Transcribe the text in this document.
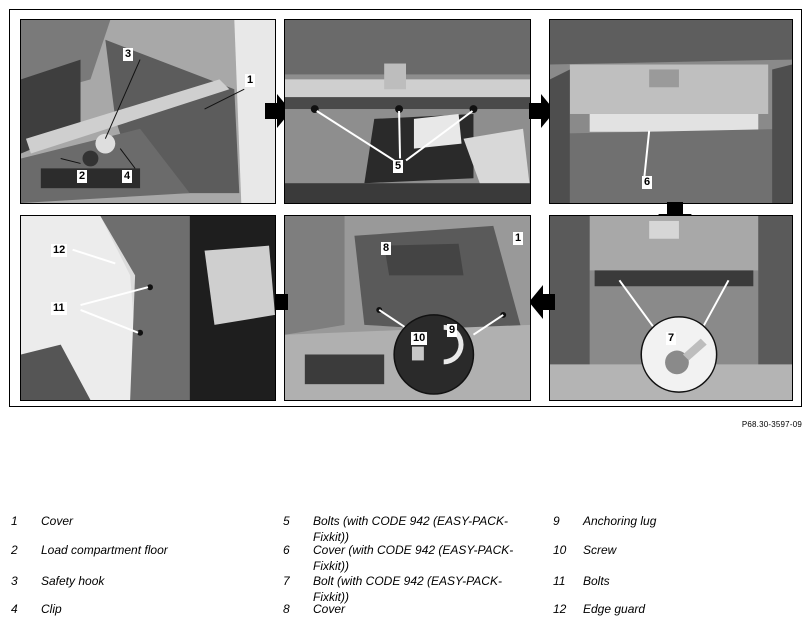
1
3
2	4
5
6
7
1
8
9
10
12
11
P68.30-3597-09
1	Cover
2	Load compartment floor
3	Safety hook
4	Clip
5	Bolts (with CODE 942 (EASY-PACK-Fixkit))
6	Cover (with CODE 942 (EASY-PACK-Fixkit))
7	Bolt (with CODE 942 (EASY-PACK-Fixkit))
8	Cover
9	Anchoring lug
10	Screw
11	Bolts
12	Edge guard
